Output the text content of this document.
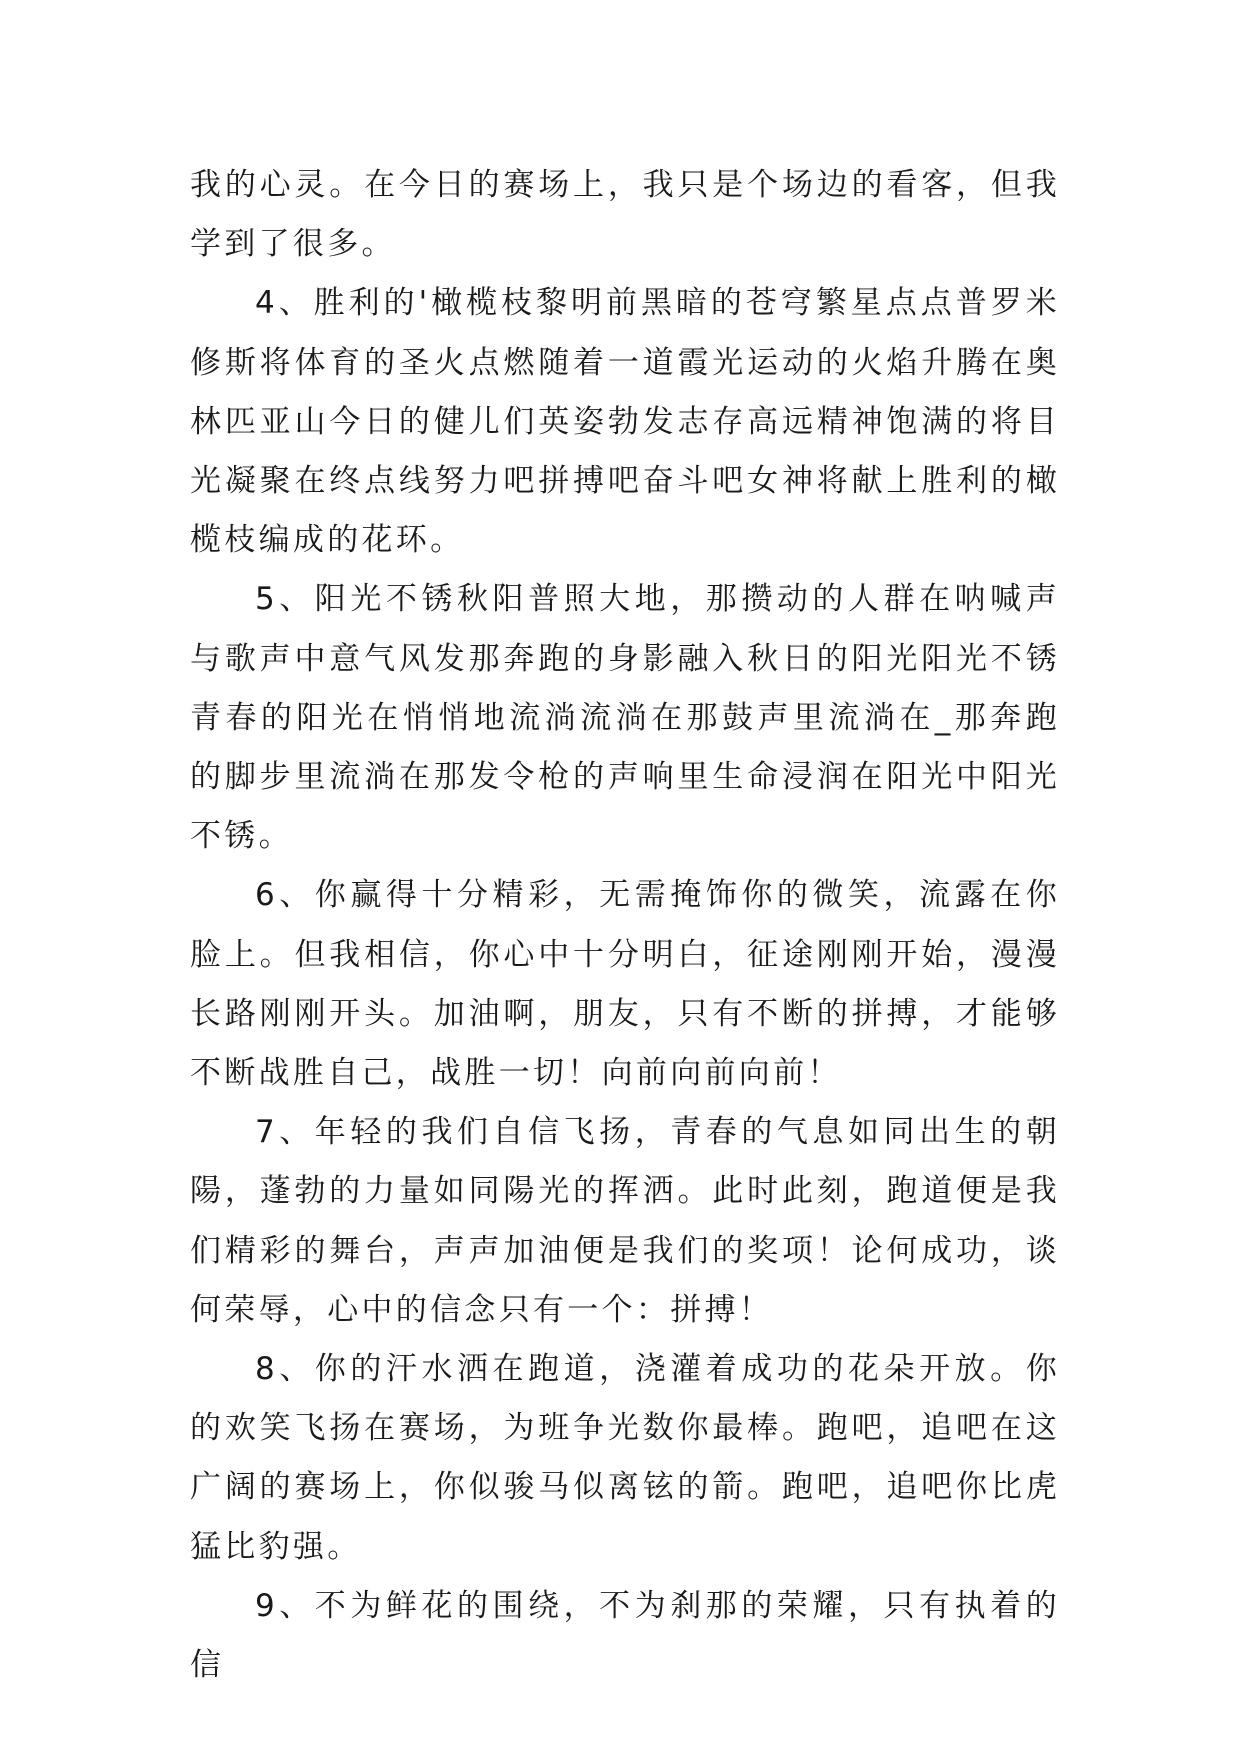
我的心灵。在今日的赛场上，我只是个场边的看客，但我学到了很多。

4、胜利的'橄榄枝黎明前黑暗的苍穹繁星点点普罗米修斯将体育的圣火点燃随着一道霞光运动的火焰升腾在奥林匹亚山今日的健儿们英姿勃发志存高远精神饱满的将目光凝聚在终点线努力吧拼搏吧奋斗吧女神将献上胜利的橄榄枝编成的花环。

5、阳光不锈秋阳普照大地，那攒动的人群在呐喊声与歌声中意气风发那奔跑的身影融入秋日的阳光阳光不锈青春的阳光在悄悄地流淌流淌在那鼓声里流淌在_那奔跑的脚步里流淌在那发令枪的声响里生命浸润在阳光中阳光不锈。

6、你赢得十分精彩，无需掩饰你的微笑，流露在你脸上。但我相信，你心中十分明白，征途刚刚开始，漫漫长路刚刚开头。加油啊，朋友，只有不断的拼搏，才能够不断战胜自己，战胜一切！向前向前向前！

7、年轻的我们自信飞扬，青春的气息如同出生的朝陽，蓬勃的力量如同陽光的挥洒。此时此刻，跑道便是我们精彩的舞台，声声加油便是我们的奖项！论何成功，谈何荣辱，心中的信念只有一个：拼搏！

8、你的汗水洒在跑道，浇灌着成功的花朵开放。你的欢笑飞扬在赛场，为班争光数你最棒。跑吧，追吧在这广阔的赛场上，你似骏马似离铉的箭。跑吧，追吧你比虎猛比豹强。

9、不为鲜花的围绕，不为刹那的荣耀，只有执着的信
